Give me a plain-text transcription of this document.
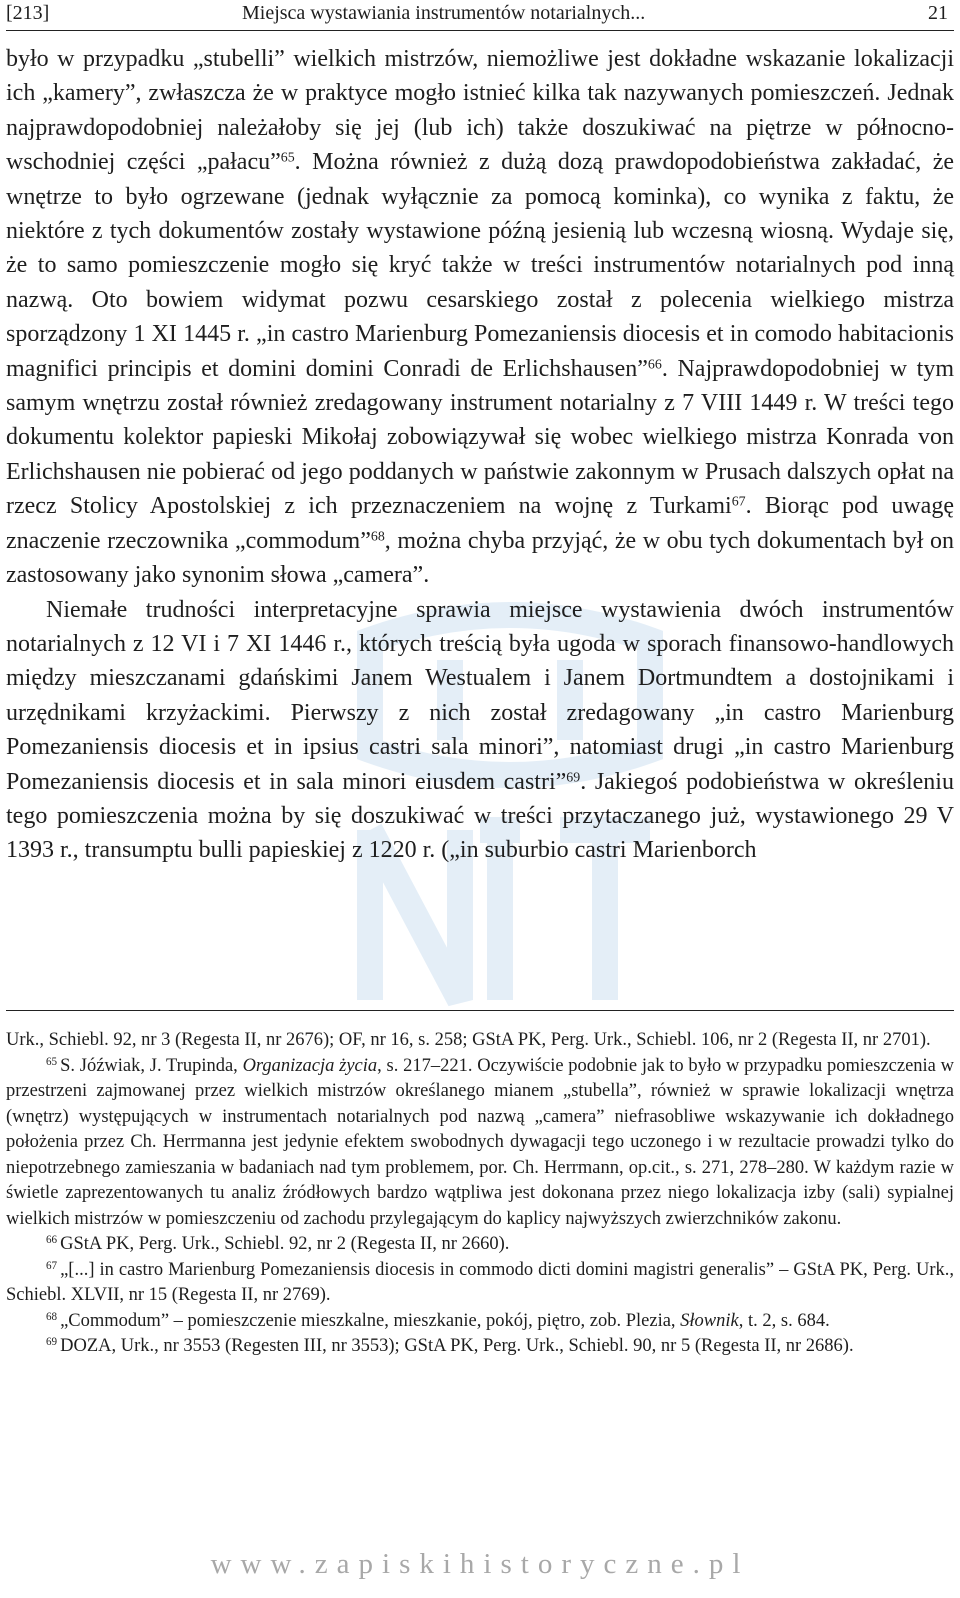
[213]	Miejsca wystawiania instrumentów notarialnych...	21

było w przypadku „stubelli” wielkich mistrzów, niemożliwe jest dokładne wskazanie lokalizacji ich „kamery”, zwłaszcza że w praktyce mogło istnieć kilka tak nazywanych pomieszczeń. Jednak najprawdopodobniej należałoby się jej (lub ich) także doszukiwać na piętrze w północno-wschodniej części „pałacu”$^{65}$. Można również z dużą dozą prawdopodobieństwa zakładać, że wnętrze to było ogrzewane (jednak wyłącznie za pomocą kominka), co wynika z faktu, że niektóre z tych dokumentów zostały wystawione późną jesienią lub wczesną wiosną. Wydaje się, że to samo pomieszczenie mogło się kryć także w treści instrumentów notarialnych pod inną nazwą. Oto bowiem widymat pozwu cesarskiego został z polecenia wielkiego mistrza sporządzony 1 XI 1445 r. „in castro Marienburg Pomezaniensis diocesis et in comodo habitacionis magnifici principis et domini domini Conradi de Erlichshausen”$^{66}$. Najprawdopodobniej w tym samym wnętrzu został również zredagowany instrument notarialny z 7 VIII 1449 r. W treści tego dokumentu kolektor papieski Mikołaj zobowiązywał się wobec wielkiego mistrza Konrada von Erlichshausen nie pobierać od jego poddanych w państwie zakonnym w Prusach dalszych opłat na rzecz Stolicy Apostolskiej z ich przeznaczeniem na wojnę z Turkami$^{67}$. Biorąc pod uwagę znaczenie rzeczownika „commodum”$^{68}$, można chyba przyjąć, że w obu tych dokumentach był on zastosowany jako synonim słowa „camera”.

Niemałe trudności interpretacyjne sprawia miejsce wystawienia dwóch instrumentów notarialnych z 12 VI i 7 XI 1446 r., których treścią była ugoda w sporach finansowo-handlowych między mieszczanami gdańskimi Janem Westualem i Janem Dortmundtem a dostojnikami i urzędnikami krzyżackimi. Pierwszy z nich został zredagowany „in castro Marienburg Pomezaniensis diocesis et in ipsius castri sala minori”, natomiast drugi „in castro Marienburg Pomezaniensis diocesis et in sala minori eiusdem castri”$^{69}$. Jakiegoś podobieństwa w określeniu tego pomieszczenia można by się doszukiwać w treści przytaczanego już, wystawionego 29 V 1393 r., transumptu bulli papieskiej z 1220 r. („in suburbio castri Marienborch

Urk., Schiebl. 92, nr 3 (Regesta II, nr 2676); OF, nr 16, s. 258; GStA PK, Perg. Urk., Schiebl. 106, nr 2 (Regesta II, nr 2701).

$^{65}$ S. Jóźwiak, J. Trupinda, Organizacja życia, s. 217–221. Oczywiście podobnie jak to było w przypadku pomieszczenia w przestrzeni zajmowanej przez wielkich mistrzów określanego mianem „stubella”, również w sprawie lokalizacji wnętrza (wnętrz) występujących w instrumentach notarialnych pod nazwą „camera” niefrasobliwe wskazywanie ich dokładnego położenia przez Ch. Herrmanna jest jedynie efektem swobodnych dywagacji tego uczonego i w rezultacie prowadzi tylko do niepotrzebnego zamieszania w badaniach nad tym problemem, por. Ch. Herrmann, op.cit., s. 271, 278–280. W każdym razie w świetle zaprezentowanych tu analiz źródłowych bardzo wątpliwa jest dokonana przez niego lokalizacja izby (sali) sypialnej wielkich mistrzów w pomieszczeniu od zachodu przylegającym do kaplicy najwyższych zwierzchników zakonu.

$^{66}$ GStA PK, Perg. Urk., Schiebl. 92, nr 2 (Regesta II, nr 2660).

$^{67}$ „[...] in castro Marienburg Pomezaniensis diocesis in commodo dicti domini magistri generalis” – GStA PK, Perg. Urk., Schiebl. XLVII, nr 15 (Regesta II, nr 2769).

$^{68}$ „Commodum” – pomieszczenie mieszkalne, mieszkanie, pokój, piętro, zob. Plezia, Słownik, t. 2, s. 684.

$^{69}$ DOZA, Urk., nr 3553 (Regesten III, nr 3553); GStA PK, Perg. Urk., Schiebl. 90, nr 5 (Regesta II, nr 2686).

www.zapiskihistoryczne.pl
